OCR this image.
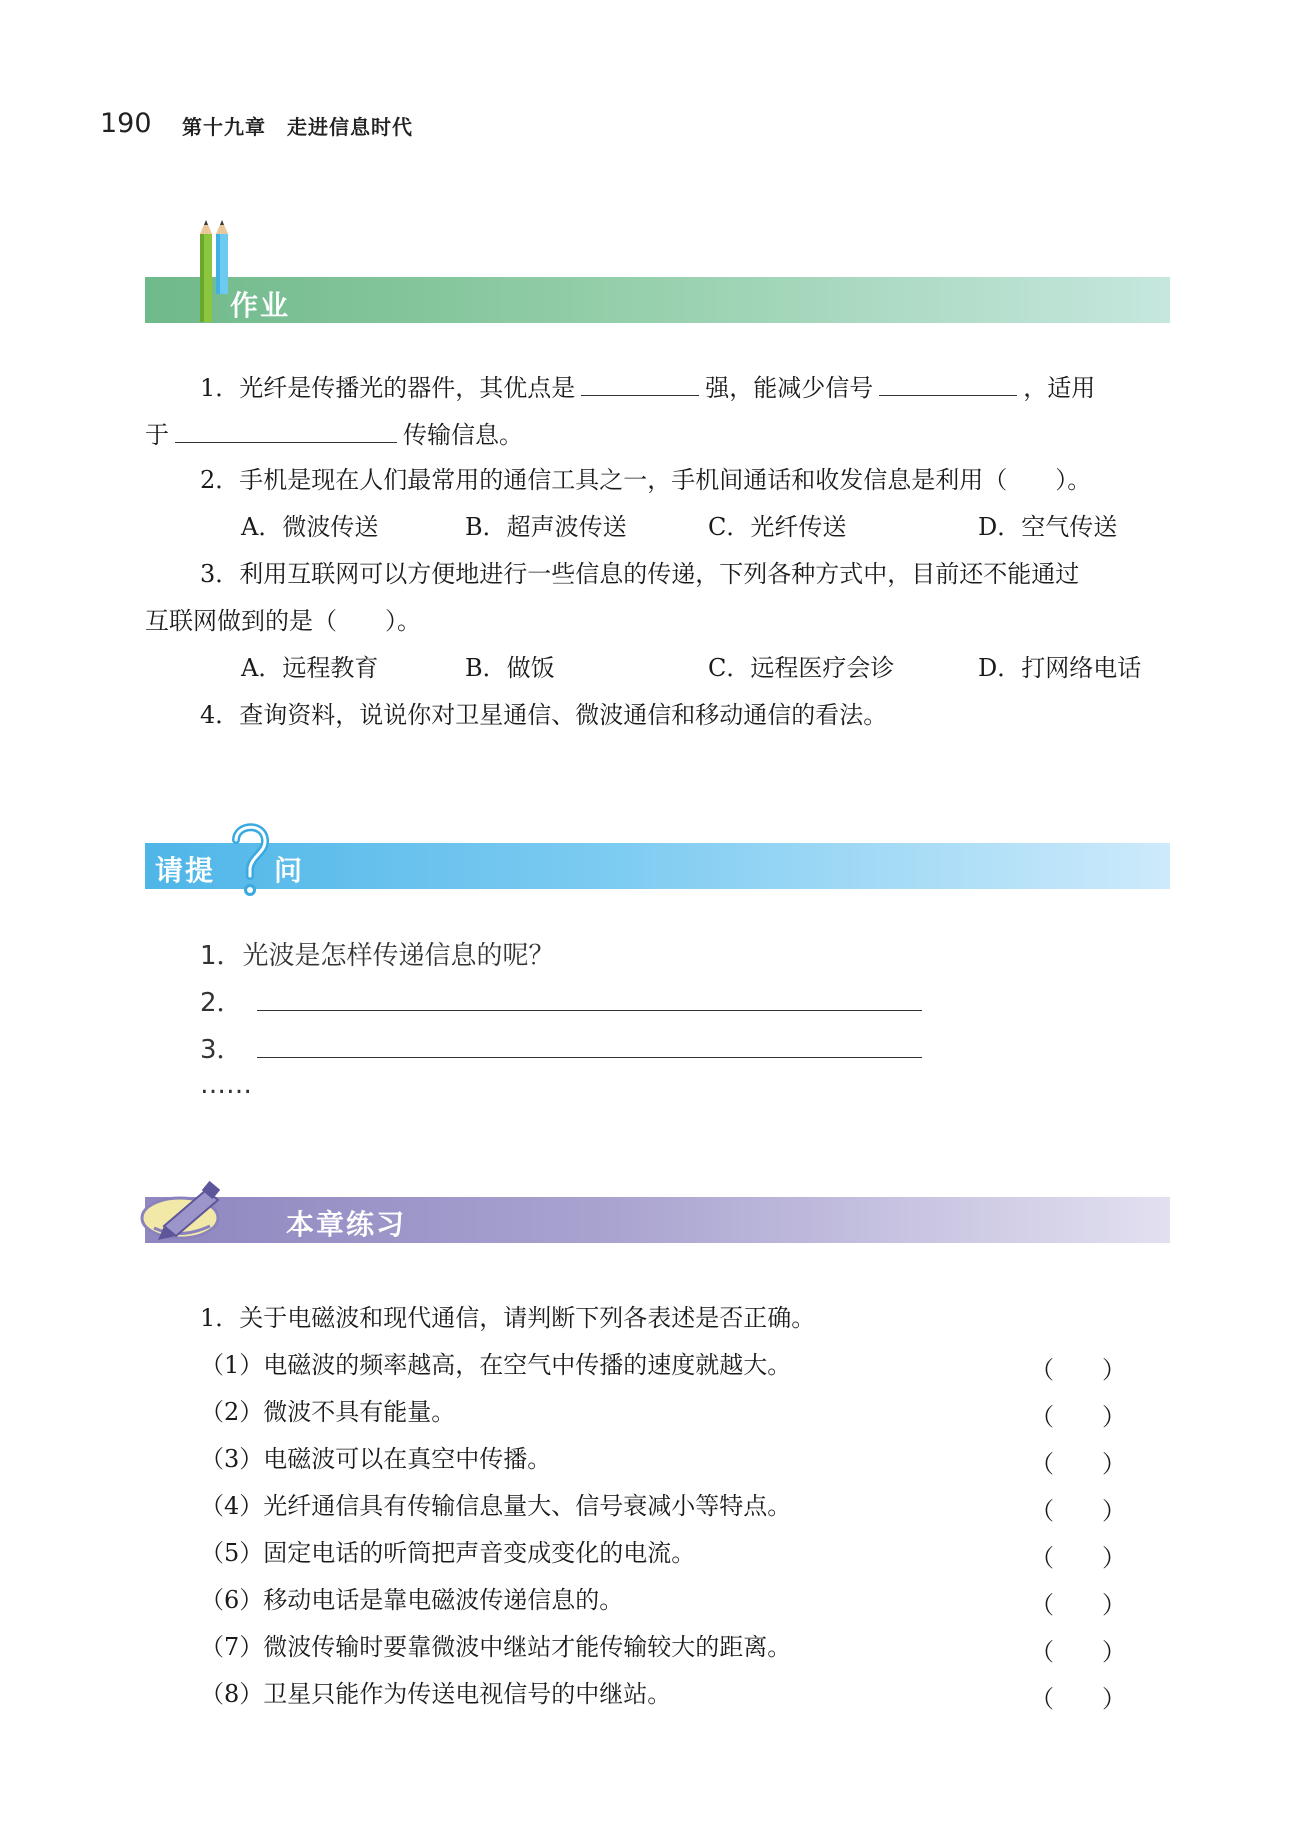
190 第十九章　走进信息时代
作业
1．光纤是传播光的器件，其优点是	强，能减少信号	，适用
于	传输信息。
2．手机是现在人们最常用的通信工具之一，手机间通话和收发信息是利用（　　）。
A．微波传送	B．超声波传送	C．光纤传送	D．空气传送
3．利用互联网可以方便地进行一些信息的传递，下列各种方式中，目前还不能通过
互联网做到的是（　　）。
A．远程教育	B．做饭	C．远程医疗会诊	D．打网络电话
4．查询资料，说说你对卫星通信、微波通信和移动通信的看法。
请提 问
1．光波是怎样传递信息的呢？
2．
3．
……
本章练习
1．关于电磁波和现代通信，请判断下列各表述是否正确。
（1）电磁波的频率越高，在空气中传播的速度就越大。	（　　）
（2）微波不具有能量。	（　　）
（3）电磁波可以在真空中传播。	（　　）
（4）光纤通信具有传输信息量大、信号衰减小等特点。	（　　）
（5）固定电话的听筒把声音变成变化的电流。	（　　）
（6）移动电话是靠电磁波传递信息的。	（　　）
（7）微波传输时要靠微波中继站才能传输较大的距离。	（　　）
（8）卫星只能作为传送电视信号的中继站。	（　　）
